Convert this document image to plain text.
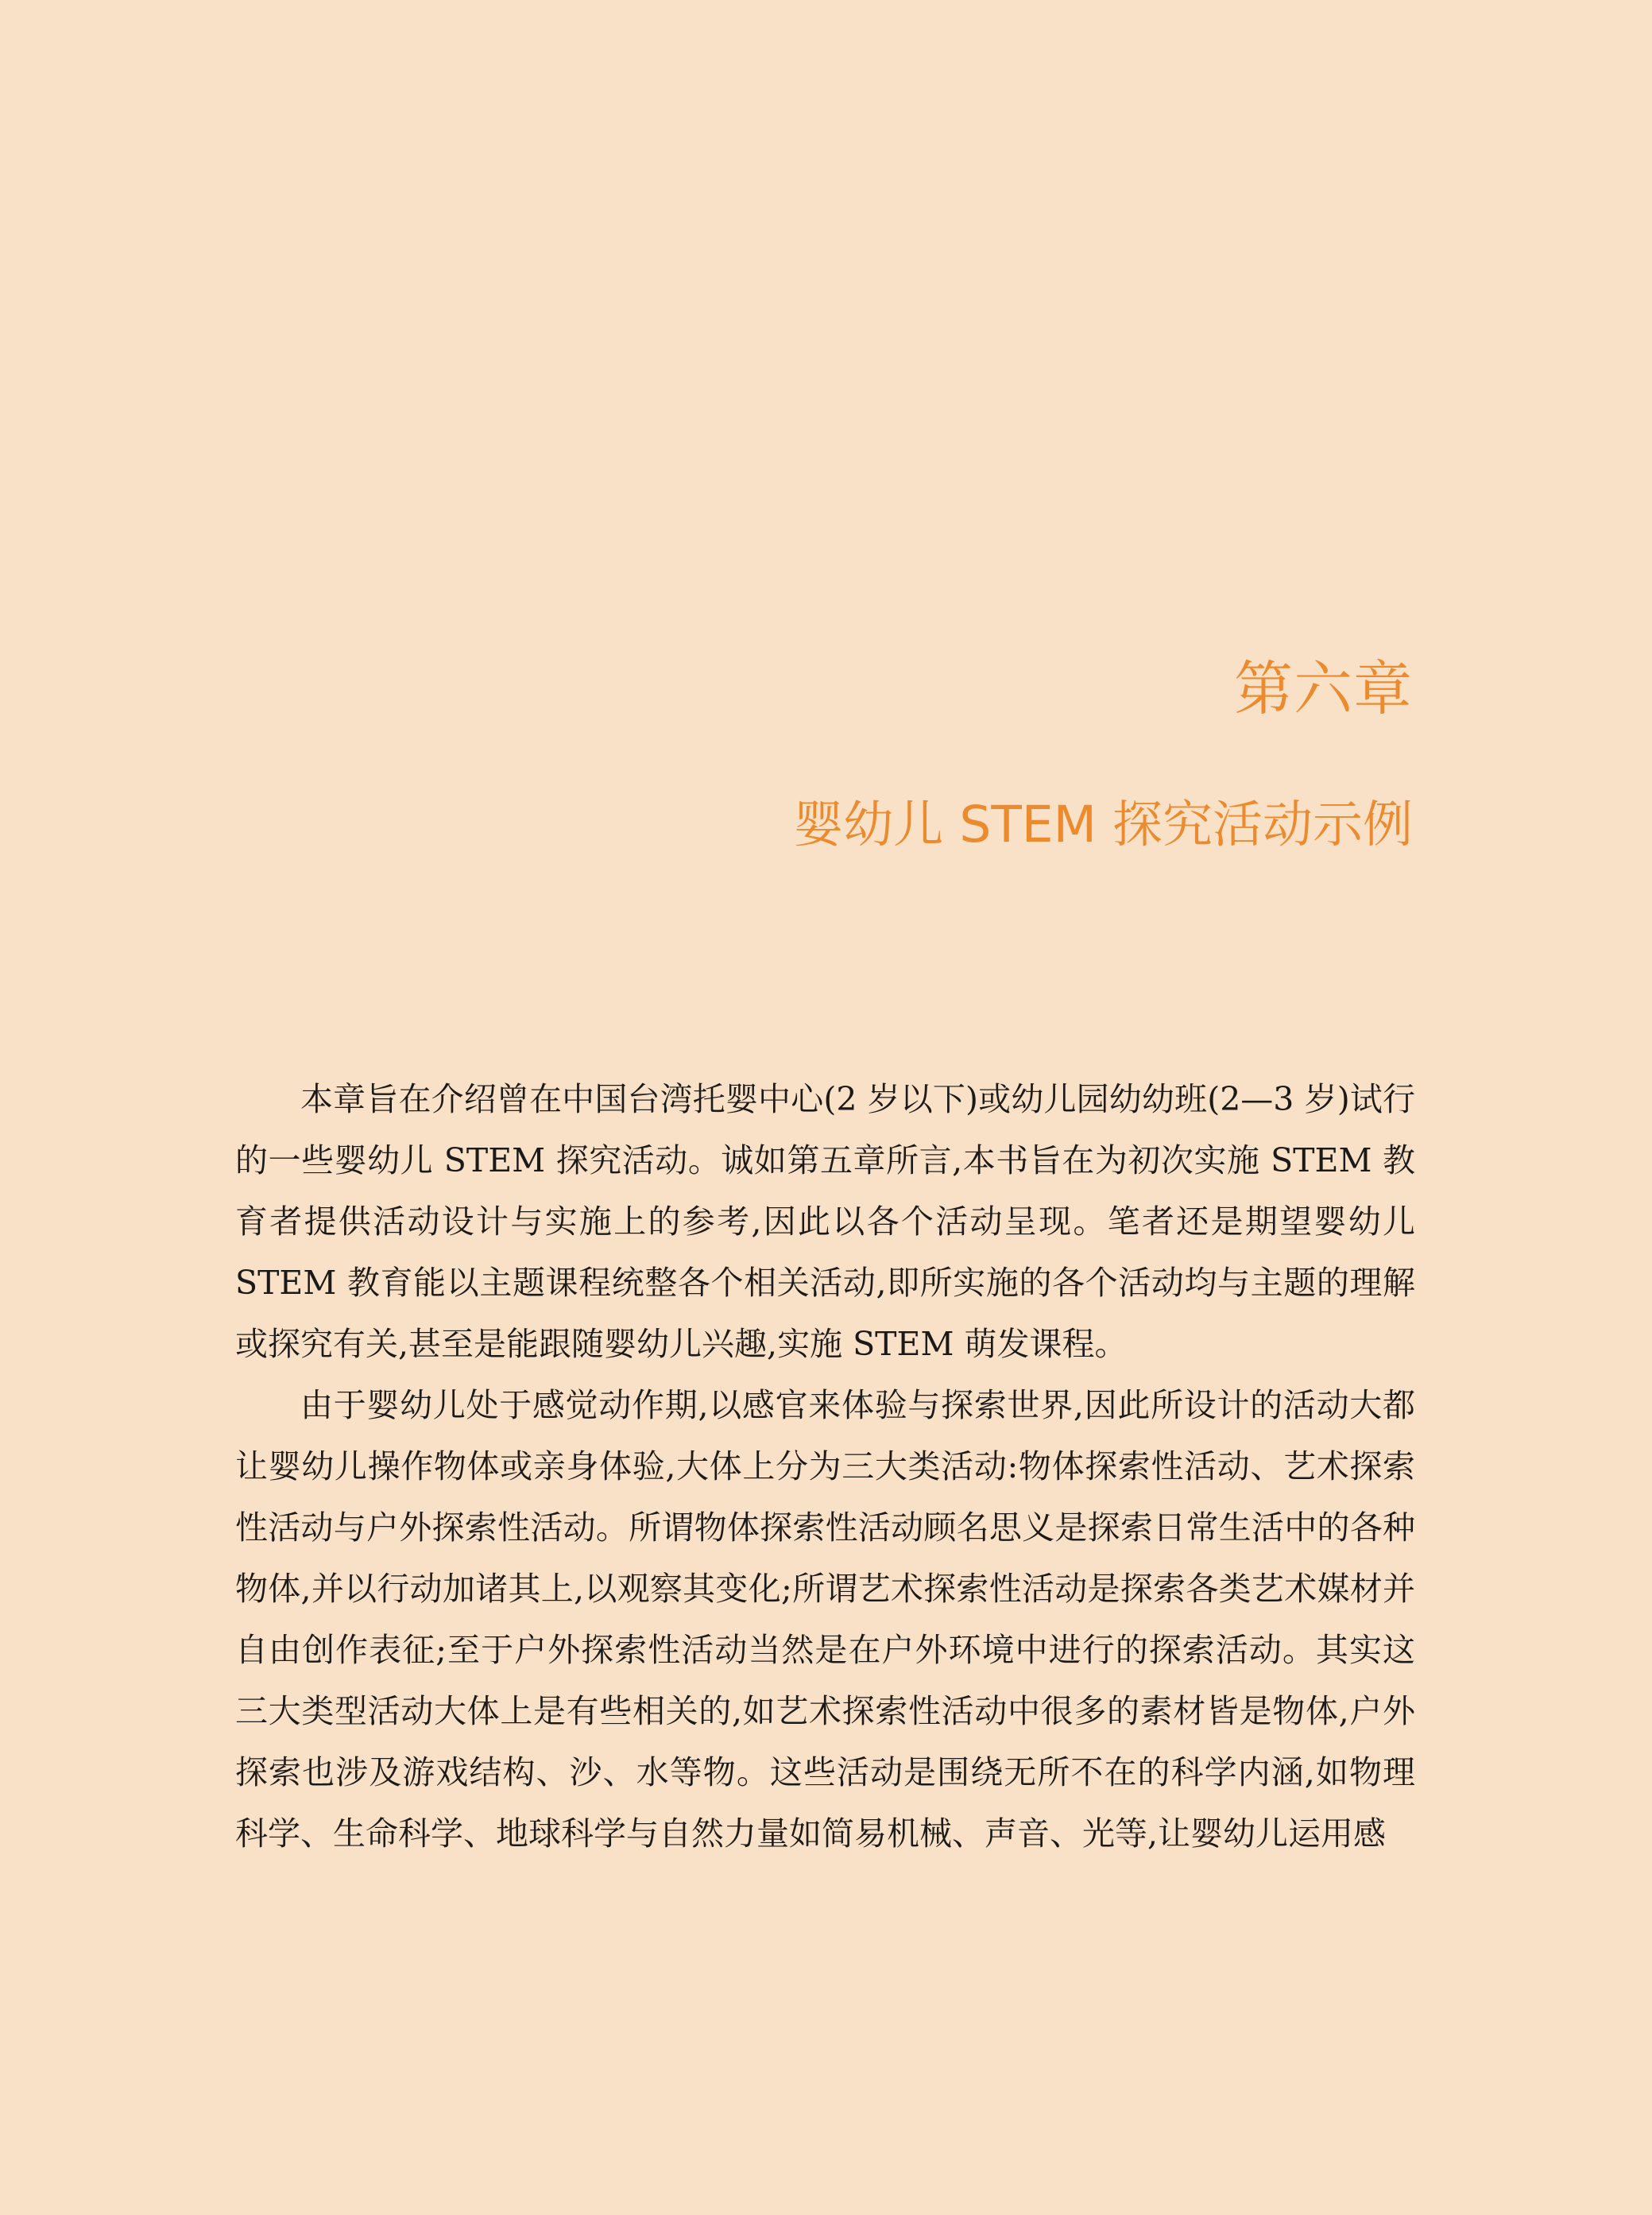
第六章
婴幼儿 STEM 探究活动示例

本章旨在介绍曾在中国台湾托婴中心(2 岁以下)或幼儿园幼幼班(2—3 岁)试行的一些婴幼儿 STEM 探究活动。诚如第五章所言,本书旨在为初次实施 STEM 教育者提供活动设计与实施上的参考,因此以各个活动呈现。笔者还是期望婴幼儿 STEM 教育能以主题课程统整各个相关活动,即所实施的各个活动均与主题的理解或探究有关,甚至是能跟随婴幼儿兴趣,实施 STEM 萌发课程。

由于婴幼儿处于感觉动作期,以感官来体验与探索世界,因此所设计的活动大都让婴幼儿操作物体或亲身体验,大体上分为三大类活动:物体探索性活动、艺术探索性活动与户外探索性活动。所谓物体探索性活动顾名思义是探索日常生活中的各种物体,并以行动加诸其上,以观察其变化;所谓艺术探索性活动是探索各类艺术媒材并自由创作表征;至于户外探索性活动当然是在户外环境中进行的探索活动。其实这三大类型活动大体上是有些相关的,如艺术探索性活动中很多的素材皆是物体,户外探索也涉及游戏结构、沙、水等物。这些活动是围绕无所不在的科学内涵,如物理科学、生命科学、地球科学与自然力量如简易机械、声音、光等,让婴幼儿运用感
